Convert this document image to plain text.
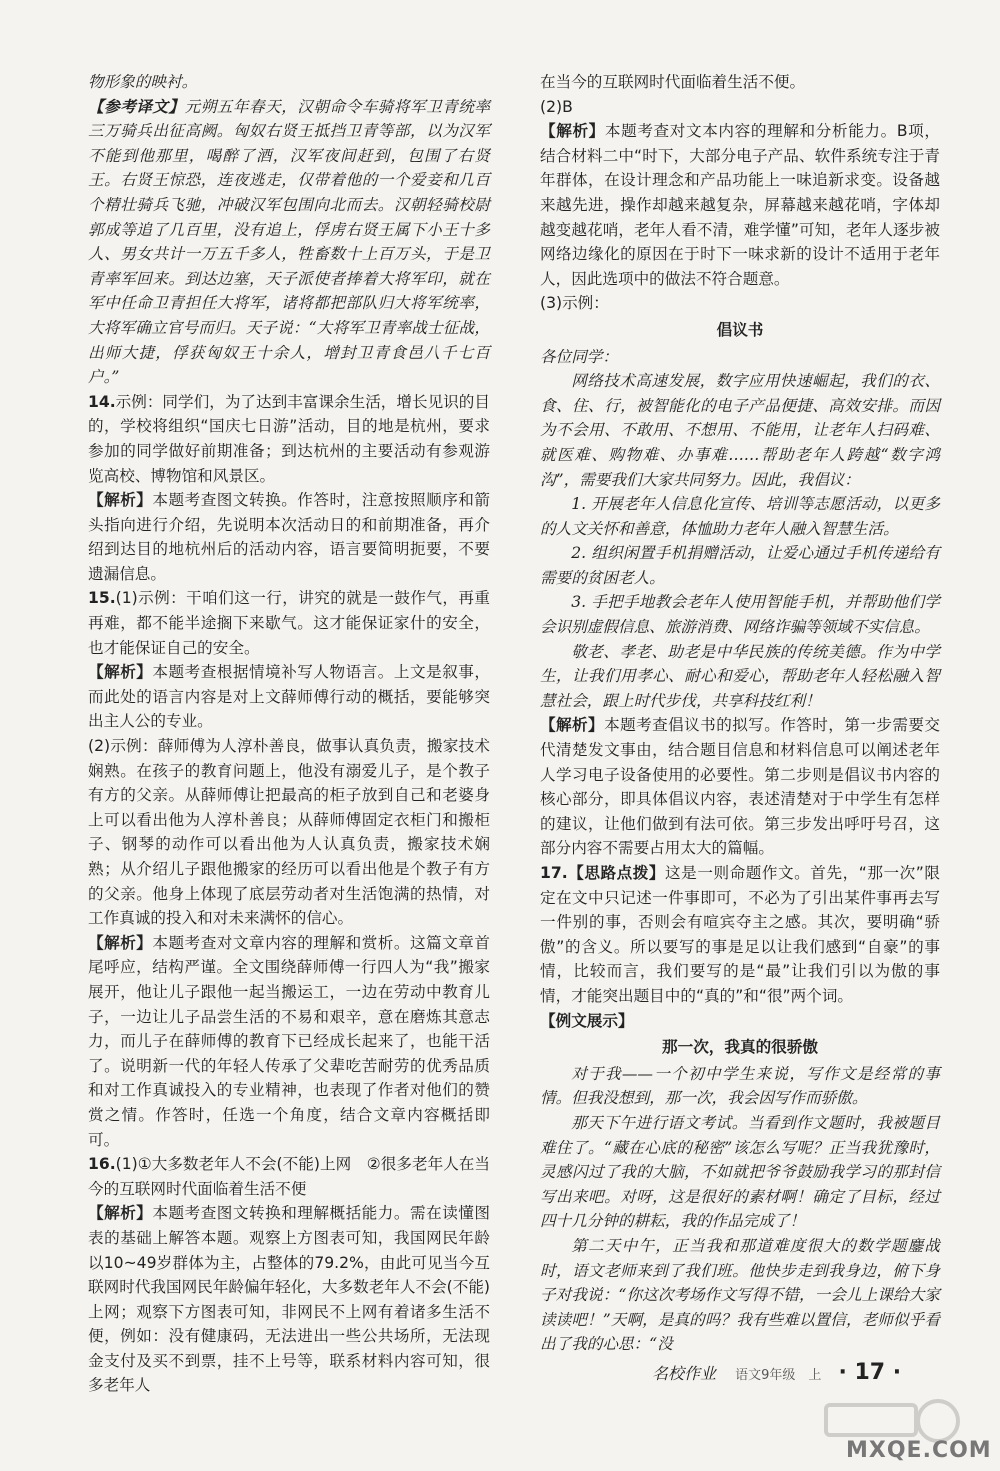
物形象的映衬。

【参考译文】元朔五年春天，汉朝命令车骑将军卫青统率三万骑兵出征高阙。匈奴右贤王抵挡卫青等部，以为汉军不能到他那里，喝醉了酒，汉军夜间赶到，包围了右贤王。右贤王惊恐，连夜逃走，仅带着他的一个爱妾和几百个精壮骑兵飞驰，冲破汉军包围向北而去。汉朝轻骑校尉郭成等追了几百里，没有追上，俘虏右贤王属下小王十多人、男女共计一万五千多人，牲畜数十上百万头，于是卫青率军回来。到达边塞，天子派使者捧着大将军印，就在军中任命卫青担任大将军，诸将都把部队归大将军统率，大将军确立官号而归。天子说：“大将军卫青率战士征战，出师大捷，俘获匈奴王十余人，增封卫青食邑八千七百户。”

14.示例：同学们，为了达到丰富课余生活，增长见识的目的，学校将组织“国庆七日游”活动，目的地是杭州，要求参加的同学做好前期准备；到达杭州的主要活动有参观游览高校、博物馆和风景区。

【解析】本题考查图文转换。作答时，注意按照顺序和箭头指向进行介绍，先说明本次活动日的和前期准备，再介绍到达目的地杭州后的活动内容，语言要简明扼要，不要遗漏信息。

15.(1)示例：干咱们这一行，讲究的就是一鼓作气，再重再难，都不能半途搁下来歇气。这才能保证家什的安全，也才能保证自己的安全。

【解析】本题考查根据情境补写人物语言。上文是叙事，而此处的语言内容是对上文薛师傅行动的概括，要能够突出主人公的专业。

(2)示例：薛师傅为人淳朴善良，做事认真负责，搬家技术娴熟。在孩子的教育问题上，他没有溺爱儿子，是个教子有方的父亲。从薛师傅让把最高的柜子放到自己和老婆身上可以看出他为人淳朴善良；从薛师傅固定衣柜门和搬柜子、钢琴的动作可以看出他为人认真负责，搬家技术娴熟；从介绍儿子跟他搬家的经历可以看出他是个教子有方的父亲。他身上体现了底层劳动者对生活饱满的热情，对工作真诚的投入和对未来满怀的信心。

【解析】本题考查对文章内容的理解和赏析。这篇文章首尾呼应，结构严谨。全文围绕薛师傅一行四人为“我”搬家展开，他让儿子跟他一起当搬运工，一边在劳动中教育儿子，一边让儿子品尝生活的不易和艰辛，意在磨炼其意志力，而儿子在薛师傅的教育下已经成长起来了，也能干活了。说明新一代的年轻人传承了父辈吃苦耐劳的优秀品质和对工作真诚投入的专业精神，也表现了作者对他们的赞赏之情。作答时，任选一个角度，结合文章内容概括即可。

16.(1)①大多数老年人不会(不能)上网　②很多老年人在当今的互联网时代面临着生活不便

【解析】本题考查图文转换和理解概括能力。需在读懂图表的基础上解答本题。观察上方图表可知，我国网民年龄以10~49岁群体为主，占整体的79.2%，由此可见当今互联网时代我国网民年龄偏年轻化，大多数老年人不会(不能)上网；观察下方图表可知，非网民不上网有着诸多生活不便，例如：没有健康码，无法进出一些公共场所，无法现金支付及买不到票，挂不上号等，联系材料内容可知，很多老年人

在当今的互联网时代面临着生活不便。

(2)B

【解析】本题考查对文本内容的理解和分析能力。B项，结合材料二中“时下，大部分电子产品、软件系统专注于青年群体，在设计理念和产品功能上一味追新求变。设备越来越先进，操作却越来越复杂，屏幕越来越花哨，字体却越变越花哨，老年人看不清，难学懂”可知，老年人逐步被网络边缘化的原因在于时下一味求新的设计不适用于老年人，因此选项中的做法不符合题意。

(3)示例：

倡议书

各位同学：

网络技术高速发展，数字应用快速崛起，我们的衣、食、住、行，被智能化的电子产品便捷、高效安排。而因为不会用、不敢用、不想用、不能用，让老年人扫码难、就医难、购物难、办事难……帮助老年人跨越“数字鸿沟”，需要我们大家共同努力。因此，我倡议：

1. 开展老年人信息化宣传、培训等志愿活动，以更多的人文关怀和善意，体恤助力老年人融入智慧生活。

2. 组织闲置手机捐赠活动，让爱心通过手机传递给有需要的贫困老人。

3. 手把手地教会老年人使用智能手机，并帮助他们学会识别虚假信息、旅游消费、网络诈骗等领域不实信息。

敬老、孝老、助老是中华民族的传统美德。作为中学生，让我们用孝心、耐心和爱心，帮助老年人轻松融入智慧社会，跟上时代步伐，共享科技红利！

【解析】本题考查倡议书的拟写。作答时，第一步需要交代清楚发文事由，结合题目信息和材料信息可以阐述老年人学习电子设备使用的必要性。第二步则是倡议书内容的核心部分，即具体倡议内容，表述清楚对于中学生有怎样的建议，让他们做到有法可依。第三步发出呼吁号召，这部分内容不需要占用太大的篇幅。

17.【思路点拨】这是一则命题作文。首先，“那一次”限定在文中只记述一件事即可，不必为了引出某件事再去写一件别的事，否则会有喧宾夺主之感。其次，要明确“骄傲”的含义。所以要写的事是足以让我们感到“自豪”的事情，比较而言，我们要写的是“最”让我们引以为傲的事情，才能突出题目中的“真的”和“很”两个词。

【例文展示】

那一次，我真的很骄傲

对于我——一个初中学生来说，写作文是经常的事情。但我没想到，那一次，我会因写作而骄傲。

那天下午进行语文考试。当看到作文题时，我被题目难住了。“藏在心底的秘密”该怎么写呢？正当我犹豫时，灵感闪过了我的大脑，不如就把爷爷鼓励我学习的那封信写出来吧。对呀，这是很好的素材啊！确定了目标，经过四十几分钟的耕耘，我的作品完成了！

第二天中午，正当我和那道难度很大的数学题鏖战时，语文老师来到了我们班。他快步走到我身边，俯下身子对我说：“你这次考场作文写得不错，一会儿上课给大家读读吧！”天啊，是真的吗？我有些难以置信，老师似乎看出了我的心思：“没

名校作业 语文9年级　上 · 17 ·
MXQE.COM
